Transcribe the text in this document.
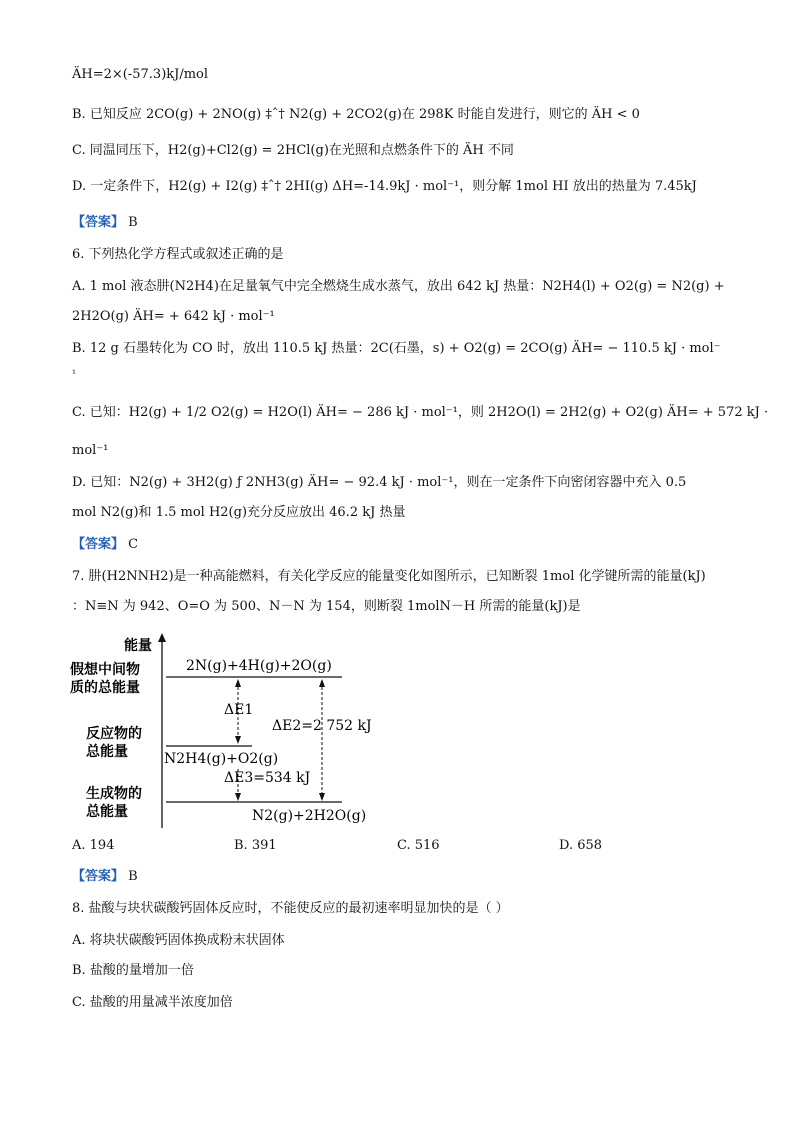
ÄH=2×(-57.3)kJ/mol
B. 已知反应 2CO(g) + 2NO(g) ‡ˆ† N2(g) + 2CO2(g)在 298K 时能自发进行，则它的 ÄH < 0
C. 同温同压下，H2(g)+Cl2(g) = 2HCl(g)在光照和点燃条件下的 ÄH 不同
D. 一定条件下，H2(g) + I2(g) ‡ˆ† 2HI(g) ΔH=-14.9kJ · mol⁻¹，则分解 1mol HI 放出的热量为 7.45kJ
【答案】 B
6. 下列热化学方程式或叙述正确的是
A. 1 mol 液态肼(N2H4)在足量氧气中完全燃烧生成水蒸气，放出 642 kJ 热量：N2H4(l) + O2(g) = N2(g) +
2H2O(g) ÄH= + 642 kJ · mol⁻¹
B. 12 g 石墨转化为 CO 时，放出 110.5 kJ 热量：2C(石墨，s) + O2(g) = 2CO(g) ÄH= − 110.5 kJ · mol⁻
¹
C. 已知：H2(g) + 1/2 O2(g) = H2O(l) ÄH= − 286 kJ · mol⁻¹，则 2H2O(l) = 2H2(g) + O2(g) ÄH= + 572 kJ ·
mol⁻¹
D. 已知：N2(g) + 3H2(g) ƒ 2NH3(g) ÄH= − 92.4 kJ · mol⁻¹，则在一定条件下向密闭容器中充入 0.5
mol N2(g)和 1.5 mol H2(g)充分反应放出 46.2 kJ 热量
【答案】 C
7. 肼(H2NNH2)是一种高能燃料，有关化学反应的能量变化如图所示，已知断裂 1mol 化学键所需的能量(kJ)
：N≡N 为 942、O=O 为 500、N－N 为 154，则断裂 1molN－H 所需的能量(kJ)是
能量
假想中间物
质的总能量
反应物的
总能量
生成物的
总能量
2N(g)+4H(g)+2O(g)
N2H4(g)+O2(g)
N2(g)+2H2O(g)
ΔE1
ΔE2=2 752 kJ
ΔE3=534 kJ
A. 194	B. 391	C. 516	D. 658
【答案】 B
8. 盐酸与块状碳酸钙固体反应时，不能使反应的最初速率明显加快的是（ ）
A. 将块状碳酸钙固体换成粉末状固体
B. 盐酸的量增加一倍
C. 盐酸的用量减半浓度加倍
